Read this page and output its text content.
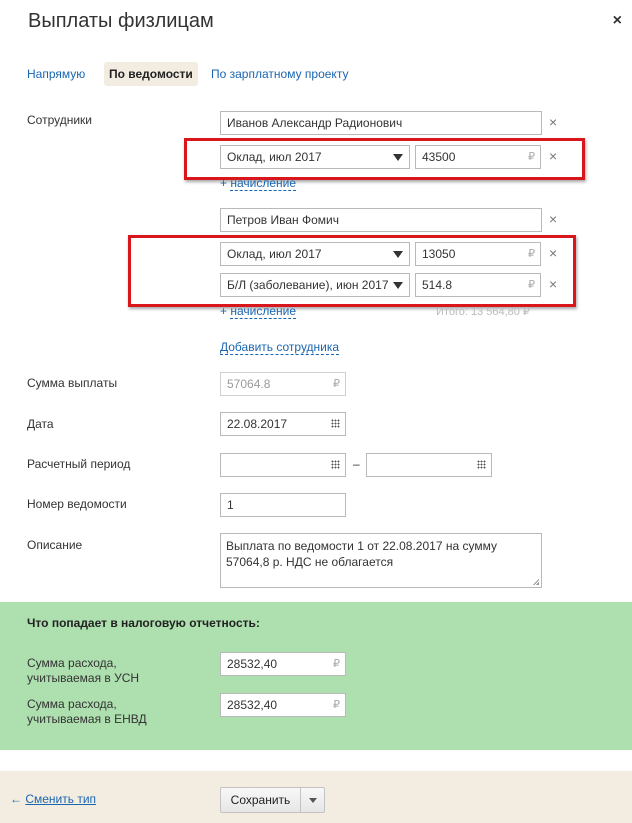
Выплаты физлицам	×
Напрямую	По ведомости	По зарплатному проекту
Сотрудники	Иванов Александр Радионович	×
Оклад, июл 2017	43500	₽ ×
+ начисление
Петров Иван Фомич	×
Оклад, июл 2017	13050	₽ ×
Б/Л (заболевание), июн 2017	514.8	₽ ×
+ начисление	Итого: 13 564,80 ₽
Добавить сотрудника
Сумма выплаты	57064.8	₽
Дата	22.08.2017
Расчетный период	–
Номер ведомости	1
Описание	Выплата по ведомости 1 от 22.08.2017 на сумму 57064,8 р. НДС не облагается
Что попадает в налоговую отчетность:
Сумма расхода,
учитываемая в УСН
28532,40	₽
Сумма расхода,
учитываемая в ЕНВД
28532,40	₽
← Сменить тип	Сохранить
